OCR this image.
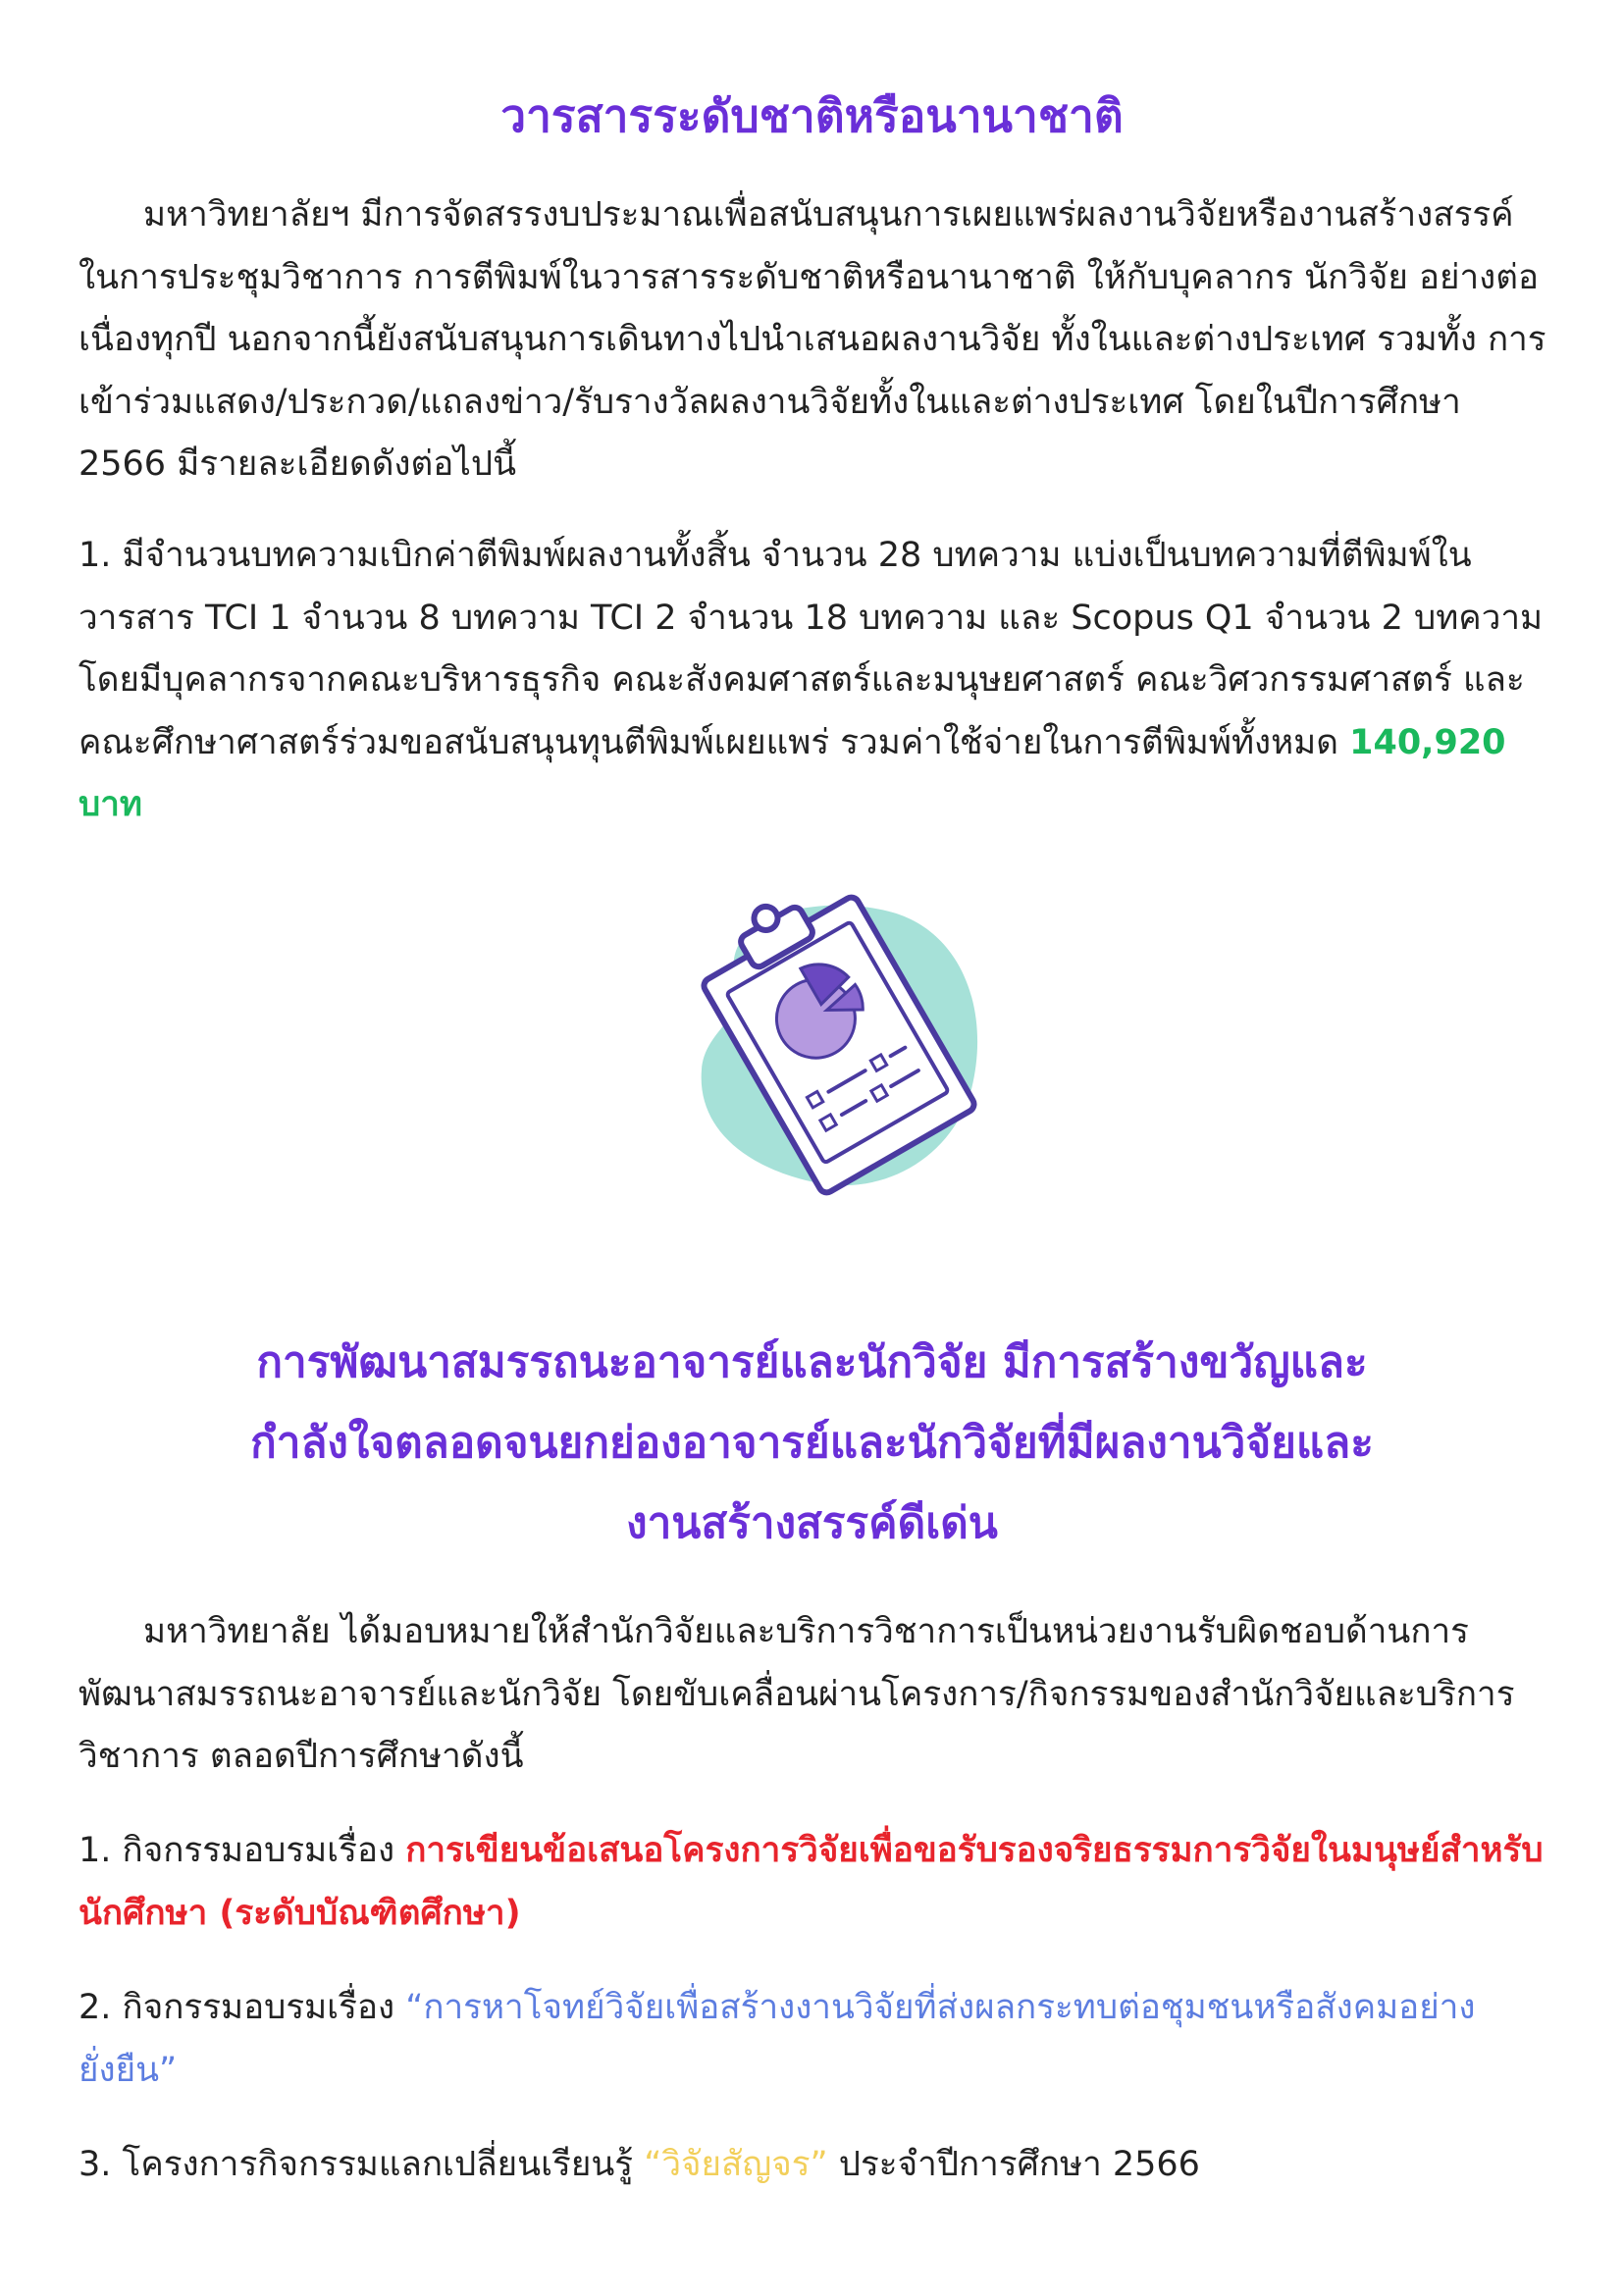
วารสารระดับชาติหรือนานาชาติ

มหาวิทยาลัยฯ มีการจัดสรรงบประมาณเพื่อสนับสนุนการเผยแพร่ผลงานวิจัยหรืองานสร้างสรรค์ ในการประชุมวิชาการ การตีพิมพ์ในวารสารระดับชาติหรือนานาชาติ ให้กับบุคลากร นักวิจัย อย่างต่อเนื่องทุกปี นอกจากนี้ยังสนับสนุนการเดินทางไปนำเสนอผลงานวิจัย ทั้งในและต่างประเทศ รวมทั้ง การเข้าร่วมแสดง/ประกวด/แถลงข่าว/รับรางวัลผลงานวิจัยทั้งในและต่างประเทศ โดยในปีการศึกษา 2566 มีรายละเอียดดังต่อไปนี้

1. มีจำนวนบทความเบิกค่าตีพิมพ์ผลงานทั้งสิ้น จำนวน 28 บทความ แบ่งเป็นบทความที่ตีพิมพ์ในวารสาร TCI 1 จำนวน 8 บทความ TCI 2 จำนวน 18 บทความ และ Scopus Q1 จำนวน 2 บทความ โดยมีบุคลากรจากคณะบริหารธุรกิจ คณะสังคมศาสตร์และมนุษยศาสตร์ คณะวิศวกรรมศาสตร์ และคณะศึกษาศาสตร์ร่วมขอสนับสนุนทุนตีพิมพ์เผยแพร่ รวมค่าใช้จ่ายในการตีพิมพ์ทั้งหมด 140,920 บาท

การพัฒนาสมรรถนะอาจารย์และนักวิจัย มีการสร้างขวัญและ
กำลังใจตลอดจนยกย่องอาจารย์และนักวิจัยที่มีผลงานวิจัยและ
งานสร้างสรรค์ดีเด่น

มหาวิทยาลัย ได้มอบหมายให้สำนักวิจัยและบริการวิชาการเป็นหน่วยงานรับผิดชอบด้านการพัฒนาสมรรถนะอาจารย์และนักวิจัย โดยขับเคลื่อนผ่านโครงการ/กิจกรรมของสำนักวิจัยและบริการวิชาการ ตลอดปีการศึกษาดังนี้

1. กิจกรรมอบรมเรื่อง การเขียนข้อเสนอโครงการวิจัยเพื่อขอรับรองจริยธรรมการวิจัยในมนุษย์สำหรับนักศึกษา (ระดับบัณฑิตศึกษา)

2. กิจกรรมอบรมเรื่อง “การหาโจทย์วิจัยเพื่อสร้างงานวิจัยที่ส่งผลกระทบต่อชุมชนหรือสังคมอย่างยั่งยืน”

3. โครงการกิจกรรมแลกเปลี่ยนเรียนรู้ “วิจัยสัญจร” ประจำปีการศึกษา 2566
